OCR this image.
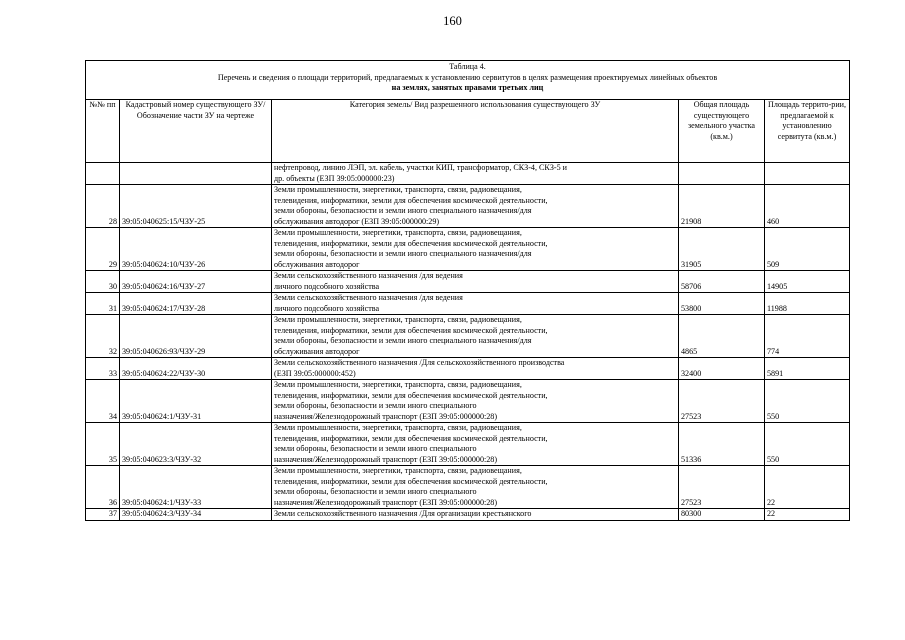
160
Таблица 4.
Перечень и сведения о площади территорий, предлагаемых к установлению сервитутов в целях размещения проектируемых линейных объектов
на землях, занятых правами третьих лиц				

№№ пп	Кадастровый номер существующего ЗУ/ Обозначение части ЗУ на чертеже	Категория земель/ Вид разрешенного использования существующего ЗУ	Общая площадь существующего земельного участка (кв.м.)	Площадь террито-рии, предлагаемой к установлению сервитута (кв.м.)

		нефтепровод, линию ЛЭП, эл. кабель, участки КИП, трансформатор, СКЗ-4, СКЗ-5 и
др. объекты (ЕЗП 39:05:000000:23)		

28	39:05:040625:15/ЧЗУ-25	Земли промышленности, энергетики, транспорта, связи, радиовещания,
телевидения, информатики, земли для обеспечения космической деятельности,
земли обороны, безопасности и земли иного специального назначения/для
обслуживания автодорог (ЕЗП 39:05:000000:29)	21908	460
29	39:05:040624:10/ЧЗУ-26	Земли промышленности, энергетики, транспорта, связи, радиовещания,
телевидения, информатики, земли для обеспечения космической деятельности,
земли обороны, безопасности и земли иного специального назначения/для
обслуживания автодорог	31905	509
30	39:05:040624:16/ЧЗУ-27	Земли сельскохозяйственного назначения /для ведения
личного подсобного хозяйства	58706	14905
31	39:05:040624:17/ЧЗУ-28	Земли сельскохозяйственного назначения /для ведения
личного подсобного хозяйства	53800	11988
32	39:05:040626:93/ЧЗУ-29	Земли промышленности, энергетики, транспорта, связи, радиовещания,
телевидения, информатики, земли для обеспечения космической деятельности,
земли обороны, безопасности и земли иного специального назначения/для
обслуживания автодорог	4865	774
33	39:05:040624:22/ЧЗУ-30	Земли сельскохозяйственного назначения /Для сельскохозяйственного производства
(ЕЗП 39:05:000000:452)	32400	5891
34	39:05:040624:1/ЧЗУ-31	Земли промышленности, энергетики, транспорта, связи, радиовещания,
телевидения, информатики, земли для обеспечения космической деятельности,
земли обороны, безопасности и земли иного специального
назначения/Железнодорожный транспорт (ЕЗП 39:05:000000:28)	27523	550
35	39:05:040623:3/ЧЗУ-32	Земли промышленности, энергетики, транспорта, связи, радиовещания,
телевидения, информатики, земли для обеспечения космической деятельности,
земли обороны, безопасности и земли иного специального
назначения/Железнодорожный транспорт (ЕЗП 39:05:000000:28)	51336	550
36	39:05:040624:1/ЧЗУ-33	Земли промышленности, энергетики, транспорта, связи, радиовещания,
телевидения, информатики, земли для обеспечения космической деятельности,
земли обороны, безопасности и земли иного специального
назначения/Железнодорожный транспорт (ЕЗП 39:05:000000:28)	27523	22
37	39:05:040624:3/ЧЗУ-34	Земли сельскохозяйственного назначения /Для организации крестьянского	80300	22
